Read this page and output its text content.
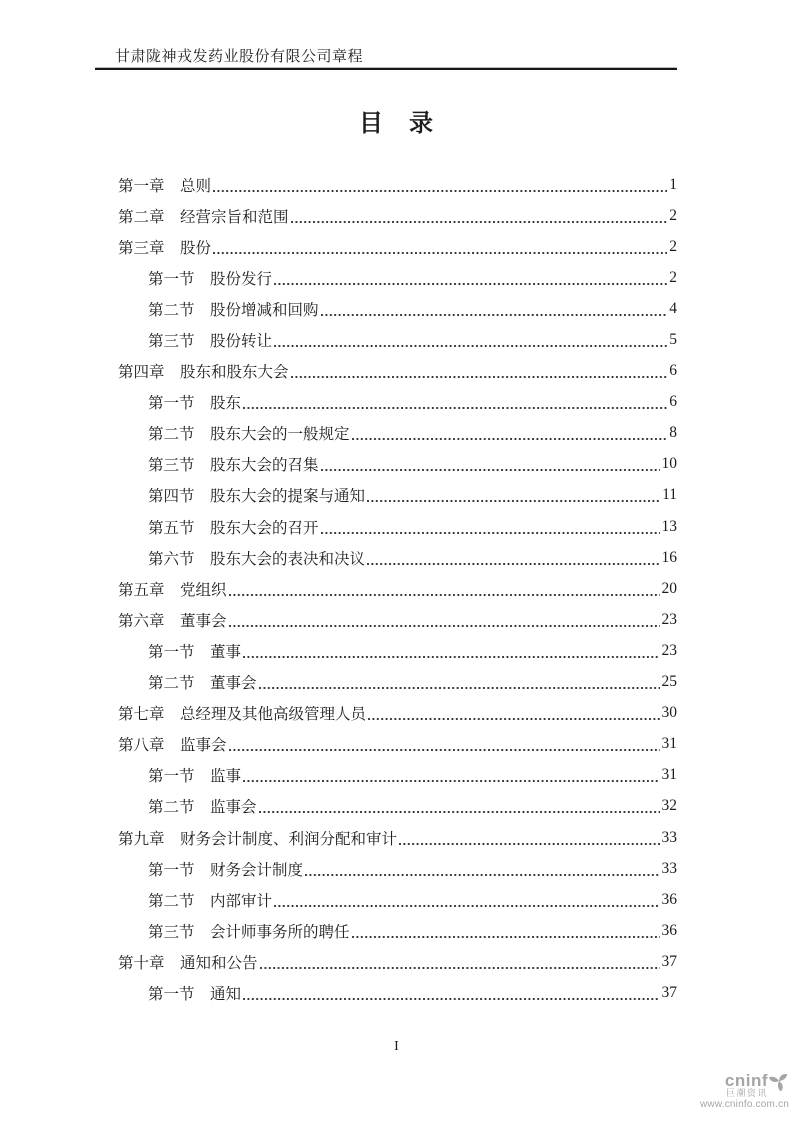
甘肃陇神戎发药业股份有限公司章程
目　录
第一章　总则	1
第二章　经营宗旨和范围	2
第三章　股份	2
第一节　股份发行	2
第二节　股份增减和回购	4
第三节　股份转让	5
第四章　股东和股东大会	6
第一节　股东	6
第二节　股东大会的一般规定	8
第三节　股东大会的召集	10
第四节　股东大会的提案与通知	11
第五节　股东大会的召开	13
第六节　股东大会的表决和决议	16
第五章　党组织	20
第六章　董事会	23
第一节　董事	23
第二节　董事会	25
第七章　总经理及其他高级管理人员	30
第八章　监事会	31
第一节　监事	31
第二节　监事会	32
第九章　财务会计制度、利润分配和审计	33
第一节　财务会计制度	33
第二节　内部审计	36
第三节　会计师事务所的聘任	36
第十章　通知和公告	37
第一节　通知	37
I
cninf
巨潮资讯
www.cninfo.com.cn
